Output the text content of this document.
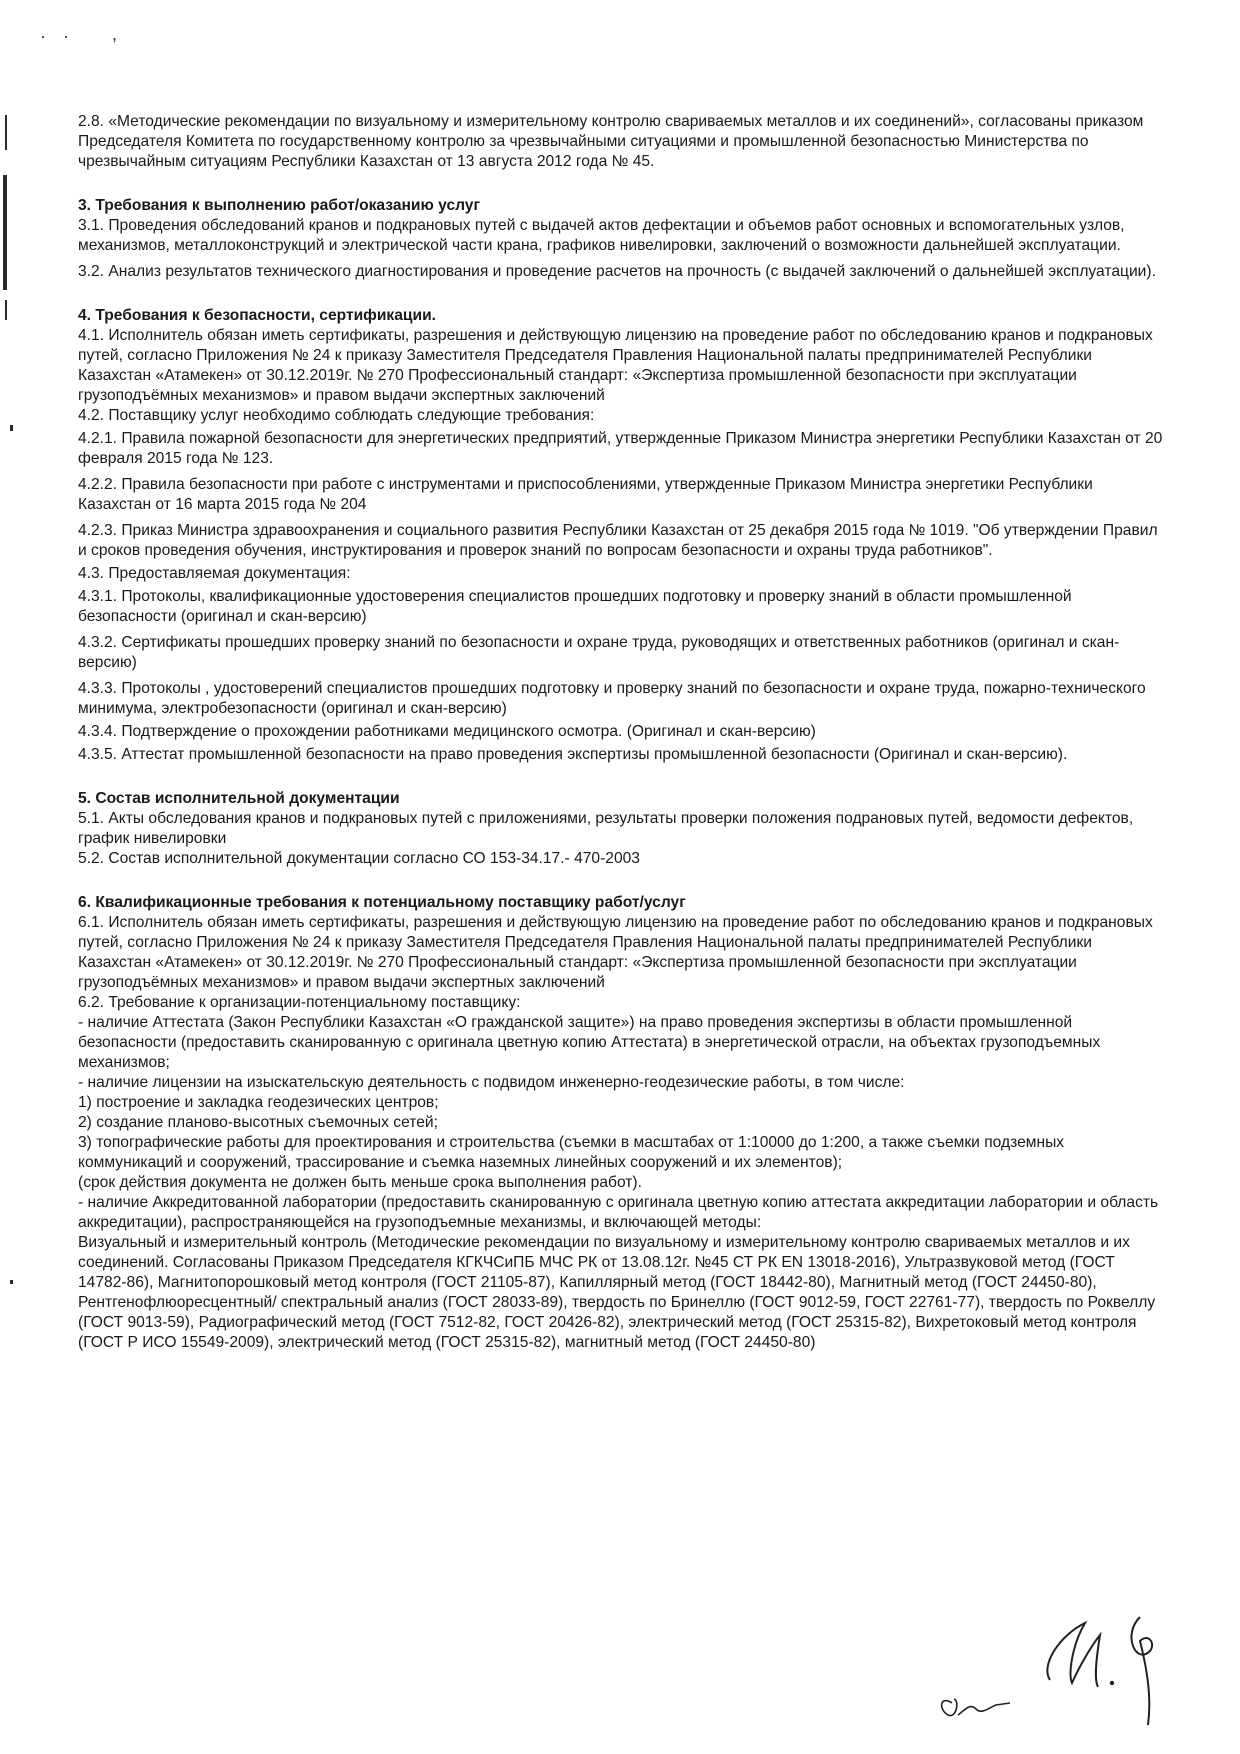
· · ,

2.8. «Методические рекомендации по визуальному и измерительному контролю свариваемых металлов и их соединений», согласованы приказом Председателя Комитета по государственному контролю за чрезвычайными ситуациями и промышленной безопасностью Министерства по чрезвычайным ситуациям Республики Казахстан от 13 августа 2012 года № 45.

3. Требования к выполнению работ/оказанию услуг

3.1. Проведения обследований кранов и подкрановых путей с выдачей актов дефектации и объемов работ основных и вспомогательных узлов, механизмов, металлоконструкций и электрической части крана, графиков нивелировки, заключений о возможности дальнейшей эксплуатации.

3.2. Анализ результатов технического диагностирования и проведение расчетов на прочность (с выдачей заключений о дальнейшей эксплуатации).

4. Требования к безопасности, сертификации.

4.1. Исполнитель обязан иметь сертификаты, разрешения и действующую лицензию на проведение работ по обследованию кранов и подкрановых путей, согласно Приложения № 24 к приказу Заместителя Председателя Правления Национальной палаты предпринимателей Республики Казахстан «Атамекен» от 30.12.2019г. № 270 Профессиональный стандарт: «Экспертиза промышленной безопасности при эксплуатации грузоподъёмных механизмов» и правом выдачи экспертных заключений

4.2. Поставщику услуг необходимо соблюдать следующие требования:

4.2.1. Правила пожарной безопасности для энергетических предприятий, утвержденные Приказом Министра энергетики Республики Казахстан от 20 февраля 2015 года № 123.

4.2.2. Правила безопасности при работе с инструментами и приспособлениями, утвержденные Приказом Министра энергетики Республики Казахстан от 16 марта 2015 года № 204

4.2.3. Приказ Министра здравоохранения и социального развития Республики Казахстан от 25 декабря 2015 года № 1019. "Об утверждении Правил и сроков проведения обучения, инструктирования и проверок знаний по вопросам безопасности и охраны труда работников".

4.3. Предоставляемая документация:

4.3.1. Протоколы, квалификационные удостоверения специалистов прошедших подготовку и проверку знаний в области промышленной безопасности (оригинал и скан-версию)

4.3.2. Сертификаты прошедших проверку знаний по безопасности и охране труда, руководящих и ответственных работников (оригинал и скан-версию)

4.3.3. Протоколы , удостоверений специалистов прошедших подготовку и проверку знаний по безопасности и охране труда, пожарно-технического минимума, электробезопасности (оригинал и скан-версию)

4.3.4. Подтверждение о прохождении работниками медицинского осмотра. (Оригинал и скан-версию)

4.3.5. Аттестат промышленной безопасности на право проведения экспертизы промышленной безопасности (Оригинал и скан-версию).

5. Состав исполнительной документации

5.1. Акты обследования кранов и подкрановых путей с приложениями, результаты проверки положения подрановых путей, ведомости дефектов, график нивелировки

5.2. Состав исполнительной документации согласно СО 153-34.17.- 470-2003

6. Квалификационные требования к потенциальному поставщику работ/услуг

6.1. Исполнитель обязан иметь сертификаты, разрешения и действующую лицензию на проведение работ по обследованию кранов и подкрановых путей, согласно Приложения № 24 к приказу Заместителя Председателя Правления Национальной палаты предпринимателей Республики Казахстан «Атамекен» от 30.12.2019г. № 270 Профессиональный стандарт: «Экспертиза промышленной безопасности при эксплуатации грузоподъёмных механизмов» и правом выдачи экспертных заключений

6.2. Требование к организации-потенциальному поставщику:

- наличие Аттестата (Закон Республики Казахстан «О гражданской защите») на право проведения экспертизы в области промышленной безопасности (предоставить сканированную с оригинала цветную копию Аттестата) в энергетической отрасли, на объектах грузоподъемных механизмов;

- наличие лицензии на изыскательскую деятельность с подвидом инженерно-геодезические работы, в том числе:

1) построение и закладка геодезических центров;

2) создание планово-высотных съемочных сетей;

3) топографические работы для проектирования и строительства (съемки в масштабах от 1:10000 до 1:200, а также съемки подземных коммуникаций и сооружений, трассирование и съемка наземных линейных сооружений и их элементов);

(срок действия документа не должен быть меньше срока выполнения работ).

- наличие Аккредитованной лаборатории (предоставить сканированную с оригинала цветную копию аттестата аккредитации лаборатории и область аккредитации), распространяющейся на грузоподъемные механизмы, и включающей методы:

Визуальный и измерительный контроль (Методические рекомендации по визуальному и измерительному контролю свариваемых металлов и их соединений. Согласованы Приказом Председателя КГКЧСиПБ МЧС РК от 13.08.12г. №45 СТ РК EN 13018-2016), Ультразвуковой метод (ГОСТ 14782-86), Магнитопорошковый метод контроля (ГОСТ 21105-87), Капиллярный метод (ГОСТ 18442-80), Магнитный метод (ГОСТ 24450-80), Рентгенофлюоресцентный/ спектральный анализ (ГОСТ 28033-89), твердость по Бринеллю (ГОСТ 9012-59, ГОСТ 22761-77), твердость по Роквеллу (ГОСТ 9013-59), Радиографический метод (ГОСТ 7512-82, ГОСТ 20426-82), электрический метод (ГОСТ 25315-82), Вихретоковый метод контроля (ГОСТ Р ИСО 15549-2009), электрический метод (ГОСТ 25315-82), магнитный метод (ГОСТ 24450-80)
